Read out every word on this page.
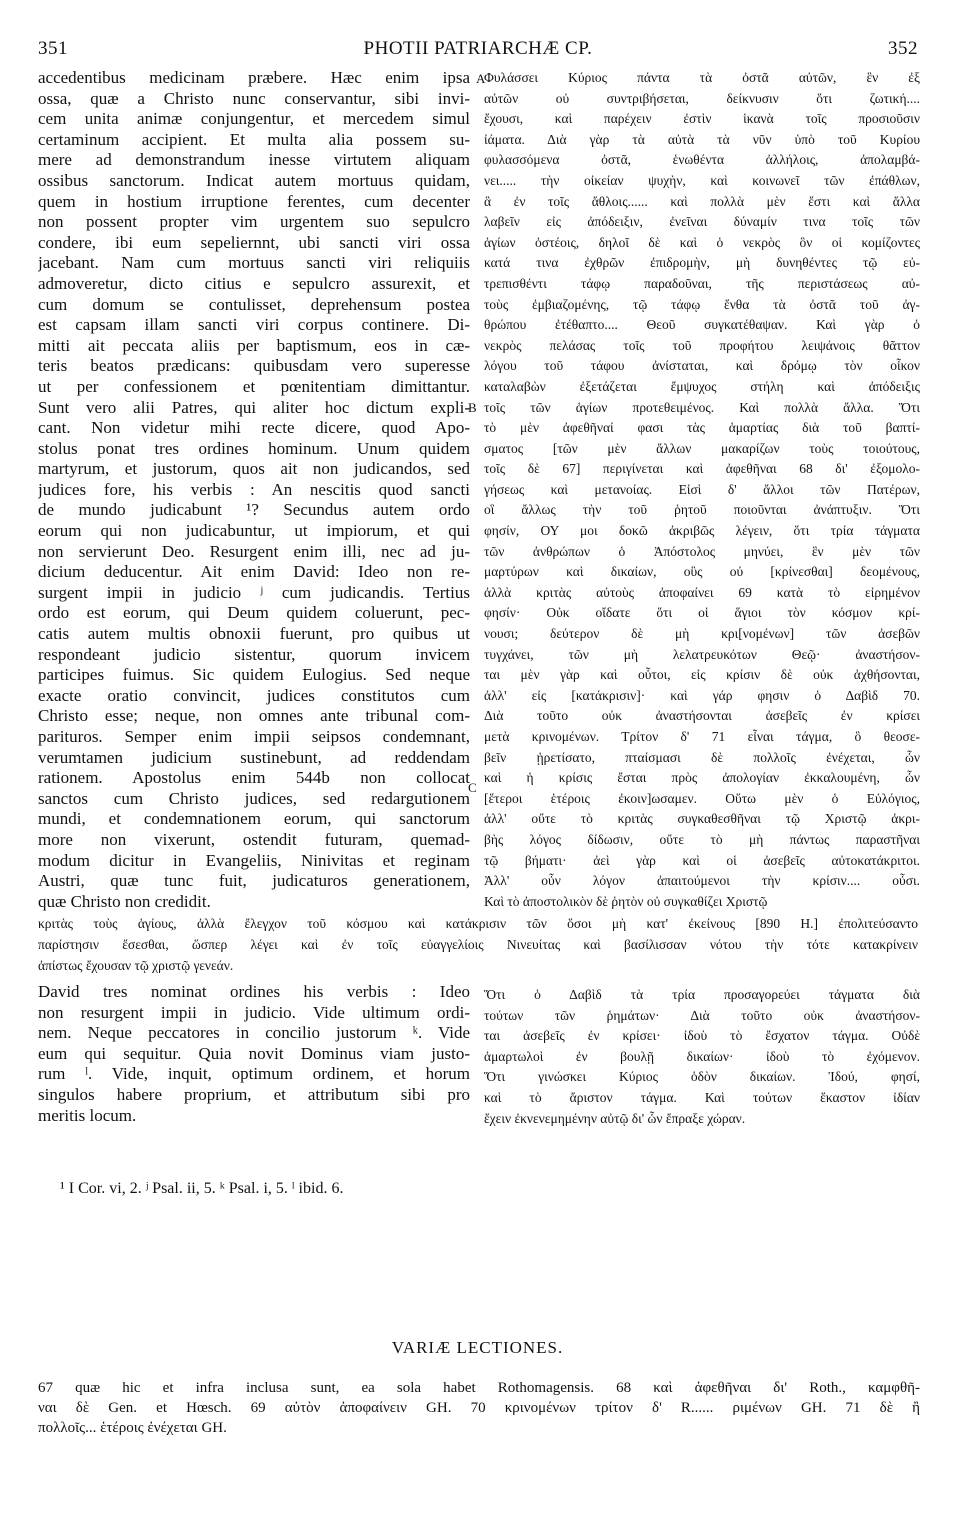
351	PHOTII PATRIARCHÆ CP.	352
accedentibus medicinam præbere. Hæc enim ipsa
ossa, quæ a Christo nunc conservantur, sibi invi-
cem unita animæ conjungentur, et mercedem simul
certaminum accipient. Et multa alia possem su-
mere ad demonstrandum inesse virtutem aliquam
ossibus sanctorum. Indicat autem mortuus quidam,
quem in hostium irruptione ferentes, cum decenter
non possent propter vim urgentem suo sepulcro
condere, ibi eum sepeliernnt, ubi sancti viri ossa
jacebant. Nam cum mortuus sancti viri reliquiis
admoveretur, dicto citius e sepulcro assurexit, et
cum domum se contulisset, deprehensum postea
est capsam illam sancti viri corpus continere. Di-
mitti ait peccata aliis per baptismum, eos in cæ-
teris beatos prædicans: quibusdam vero superesse
ut per confessionem et pœnitentiam dimittantur.
Sunt vero alii Patres, qui aliter hoc dictum expli-
cant. Non videtur mihi recte dicere, quod Apo-
stolus ponat tres ordines hominum. Unum quidem
martyrum, et justorum, quos ait non judicandos, sed
judices fore, his verbis : An nescitis quod sancti
de mundo judicabunt ¹? Secundus autem ordo
eorum qui non judicabuntur, ut impiorum, et qui
non servierunt Deo. Resurgent enim illi, nec ad ju-
dicium deducentur. Ait enim David: Ideo non re-
surgent impii in judicio ʲ cum judicandis. Tertius
ordo est eorum, qui Deum quidem coluerunt, pec-
catis autem multis obnoxii fuerunt, pro quibus ut
respondeant judicio sistentur, quorum invicem
participes fuimus. Sic quidem Eulogius. Sed neque
exacte oratio convincit, judices constitutos cum
Christo esse; neque, non omnes ante tribunal com-
parituros. Semper enim impii seipsos condemnant,
verumtamen judicium sustinebunt, ad reddendam
rationem. Apostolus enim 544b non collocat
sanctos cum Christo judices, sed redargutionem
mundi, et condemnationem eorum, qui sanctorum
more non vixerunt, ostendit futuram, quemad-
modum dicitur in Evangeliis, Ninivitas et reginam
Austri, quæ tunc fuit, judicaturos generationem,
quæ Christo non credidit.
Φυλάσσει Κύριος πάντα τὰ ὀστᾶ αὐτῶν, ἓν ἐξ
αὐτῶν οὐ συντριβήσεται, δείκνυσιν ὅτι ζωτική....
ἔχουσι, καὶ παρέχειν ἐστὶν ἱκανὰ τοῖς προσιοῦσιν
ἰάματα. Διὰ γὰρ τὰ αὐτὰ τὰ νῦν ὑπὸ τοῦ Κυρίου
φυλασσόμενα ὀστᾶ, ἑνωθέντα ἀλλήλοις, ἀπολαμβά-
νει..... τὴν οἰκείαν ψυχὴν, καὶ κοινωνεῖ τῶν ἐπάθλων,
ἃ ἐν τοῖς ἄθλοις...... καὶ πολλὰ μὲν ἔστι καὶ ἄλλα
λαβεῖν εἰς ἀπόδειξιν, ἐνεῖναι δύναμίν τινα τοῖς τῶν
ἁγίων ὀστέοις, δηλοῖ δὲ καὶ ὁ νεκρὸς ὃν οἱ κομίζοντες
κατά τινα ἐχθρῶν ἐπιδρομὴν, μὴ δυνηθέντες τῷ εὐ-
τρεπισθέντι τάφῳ παραδοῦναι, τῆς περιστάσεως αὐ-
τοὺς ἐμβιαζομένης, τῷ τάφῳ ἔνθα τὰ ὀστᾶ τοῦ ἀγ-
θρώπου ἐτέθαπτο.... Θεοῦ συγκατέθαψαν. Καὶ γὰρ ὁ
νεκρὸς πελάσας τοῖς τοῦ προφήτου λειψάνοις θᾶττον
λόγου τοῦ τάφου ἀνίσταται, καὶ δρόμῳ τὸν οἶκον
καταλαβὼν ἐξετάζεται ἔμψυχος στήλη καὶ ἀπόδειξις
τοῖς τῶν ἁγίων προτεθειμένος. Καὶ πολλὰ ἄλλα. Ὅτι
τὸ μὲν ἀφεθῆναί φασι τὰς ἁμαρτίας διὰ τοῦ βαπτί-
σματος [τῶν μὲν ἄλλων μακαρίζων τοὺς τοιούτους,
τοῖς δὲ 67] περιγίνεται καὶ ἀφεθῆναι 68 δι' ἐξομολο-
γήσεως καὶ μετανοίας. Εἰσὶ δ' ἄλλοι τῶν Πατέρων,
οἳ ἄλλως τὴν τοῦ ῥητοῦ ποιοῦνται ἀνάπτυξιν. Ὅτι
φησίν, ΟΥ μοι δοκῶ ἀκριβῶς λέγειν, ὅτι τρία τάγματα
τῶν ἀνθρώπων ὁ Ἀπόστολος μηνύει, ἓν μὲν τῶν
μαρτύρων καὶ δικαίων, οὓς οὐ [κρίνεσθαι] δεομένους,
ἀλλὰ κριτὰς αὐτοὺς ἀποφαίνει 69 κατὰ τὸ εἰρημένον
φησίν· Οὐκ οἴδατε ὅτι οἱ ἅγιοι τὸν κόσμον κρί-
νουσι; δεύτερον δὲ μὴ κρι[νομένων] τῶν ἀσεβῶν
τυγχάνει, τῶν μὴ λελατρευκότων Θεῷ· ἀναστήσον-
ται μὲν γὰρ καὶ οὗτοι, εἰς κρίσιν δὲ οὐκ ἀχθήσονται,
ἀλλ' εἰς [κατάκρισιν]· καὶ γάρ φησιν ὁ Δαβὶδ 70.
Διὰ τοῦτο οὐκ ἀναστήσονται ἀσεβεῖς ἐν κρίσει
μετὰ κρινομένων. Τρίτον δ' 71 εἶναι τάγμα, ὃ θεοσε-
βεῖν ᾑρετίσατο, πταίσμασι δὲ πολλοῖς ἐνέχεται, ὧν
καὶ ἡ κρίσις ἔσται πρὸς ἀπολογίαν ἐκκαλουμένη, ὧν
[ἕτεροι ἑτέροις ἐκοιν]ωσαμεν. Οὕτω μὲν ὁ Εὐλόγιος,
ἀλλ' οὔτε τὸ κριτὰς συγκαθεσθῆναι τῷ Χριστῷ ἀκρι-
βὴς λόγος δίδωσιν, οὔτε τὸ μὴ πάντως παραστῆναι
τῷ βήματι· ἀεὶ γὰρ καὶ οἱ ἀσεβεῖς αὐτοκατάκριτοι.
Ἀλλ' οὖν λόγον ἀπαιτούμενοι τὴν κρίσιν.... οὖσι.
Καὶ τὸ ἀποστολικὸν δὲ ῥητὸν οὐ συγκαθίζει Χριστῷ
A
B
C
κριτὰς τοὺς ἁγίους, ἀλλὰ ἔλεγχον τοῦ κόσμου καὶ κατάκρισιν τῶν ὅσοι μὴ κατ' ἐκείνους [890 H.] ἐπολιτεύσαντο
παρίστησιν ἔσεσθαι, ὥσπερ λέγει καὶ ἐν τοῖς εὐαγγελίοις Νινευίτας καὶ βασίλισσαν νότου τὴν τότε κατακρίνειν
ἀπίστως ἔχουσαν τῷ χριστῷ γενεάν.
David tres nominat ordines his verbis : Ideo
non resurgent impii in judicio. Vide ultimum ordi-
nem. Neque peccatores in concilio justorum ᵏ. Vide
eum qui sequitur. Quia novit Dominus viam justo-
rum ˡ. Vide, inquit, optimum ordinem, et horum
singulos habere proprium, et attributum sibi pro
meritis locum.
Ὅτι ὁ Δαβὶδ τὰ τρία προσαγορεύει τάγματα διὰ
τούτων τῶν ῥημάτων· Διὰ τοῦτο οὐκ ἀναστήσον-
ται ἀσεβεῖς ἐν κρίσει· ἰδοὺ τὸ ἔσχατον τάγμα. Οὐδὲ
ἁμαρτωλοὶ ἐν βουλῇ δικαίων· ἰδοὺ τὸ ἐχόμενον.
Ὅτι γινώσκει Κύριος ὁδὸν δικαίων. Ἰδού, φησί,
καὶ τὸ ἄριστον τάγμα. Καὶ τούτων ἕκαστον ἰδίαν
ἔχειν ἐκνενεμημένην αὐτῷ δι' ὧν ἔπραξε χώραν.
¹ I Cor. vi, 2. ʲ Psal. ii, 5. ᵏ Psal. i, 5. ˡ ibid. 6.
VARIÆ LECTIONES.
67 quæ hic et infra inclusa sunt, ea sola habet Rothomagensis. 68 καὶ ἀφεθῆναι δι' Roth., καμφθῆ-
ναι δὲ Gen. et Hœsch. 69 αὐτὸν ἀποφαίνειν GH. 70 κρινομένων τρίτον δ' R...... ριμένων GH. 71 δὲ ἢ
πολλοῖς... ἑτέροις ἐνέχεται GH.
